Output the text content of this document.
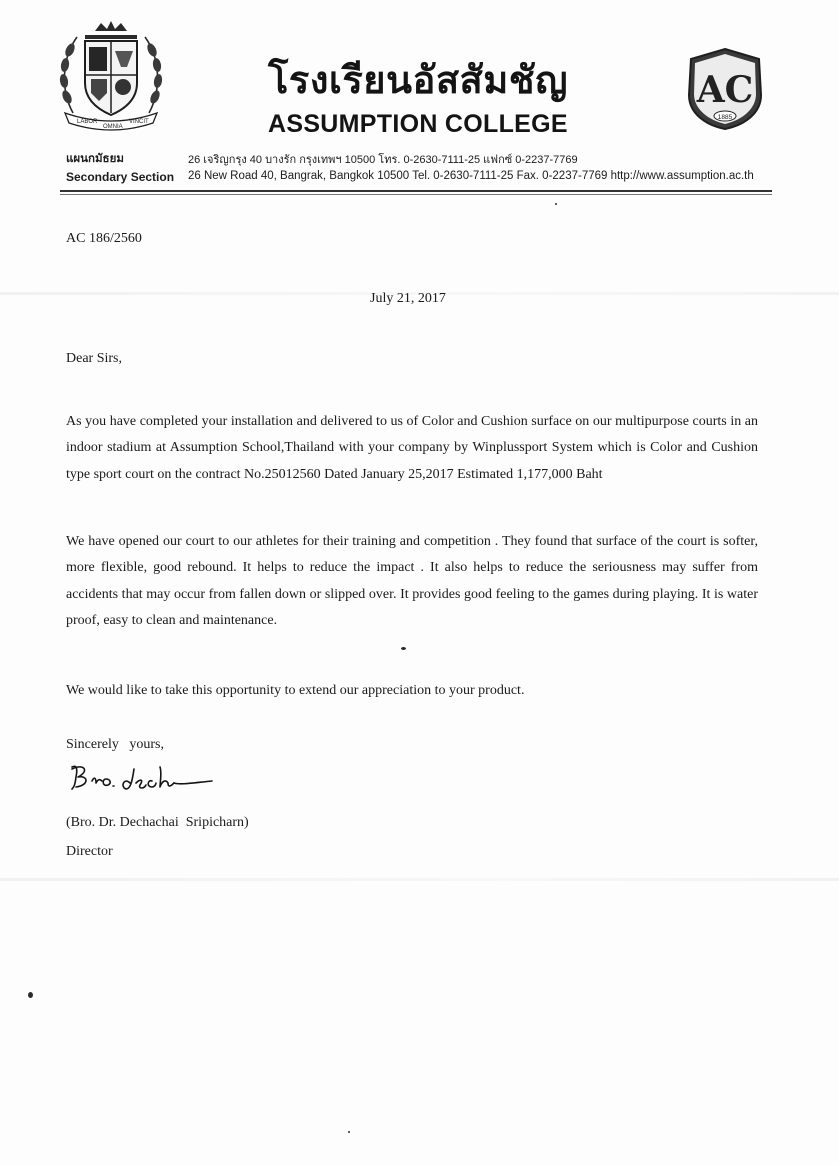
LABOR
OMNIA
VINCIT
AC
1885
โรงเรียนอัสสัมชัญ
ASSUMPTION COLLEGE
แผนกมัธยม	26 เจริญกรุง 40 บางรัก กรุงเทพฯ 10500 โทร. 0-2630-7111-25 แฟกซ์ 0-2237-7769
Secondary Section 26 New Road 40, Bangrak, Bangkok 10500 Tel. 0-2630-7111-25 Fax. 0-2237-7769 http://www.assumption.ac.th
AC 186/2560
July 21, 2017
Dear Sirs,
As you have completed your installation and delivered to us of Color and Cushion surface on our multipurpose courts in an indoor stadium at Assumption School,Thailand with your company by Winplussport System which is Color and Cushion type sport court on the contract No.25012560 Dated January 25,2017 Estimated 1,177,000 Baht
We have opened our court to our athletes for their training and competition . They found that surface of the court is softer, more flexible, good rebound. It helps to reduce the impact . It also helps to reduce the seriousness may suffer from accidents that may occur from fallen down or slipped over. It provides good feeling to the games during playing. It is water proof, easy to clean and maintenance.
We would like to take this opportunity to extend our appreciation to your product.
Sincerely   yours,
Bro. Dechai
(Bro. Dr. Dechachai  Sripicharn)
Director
